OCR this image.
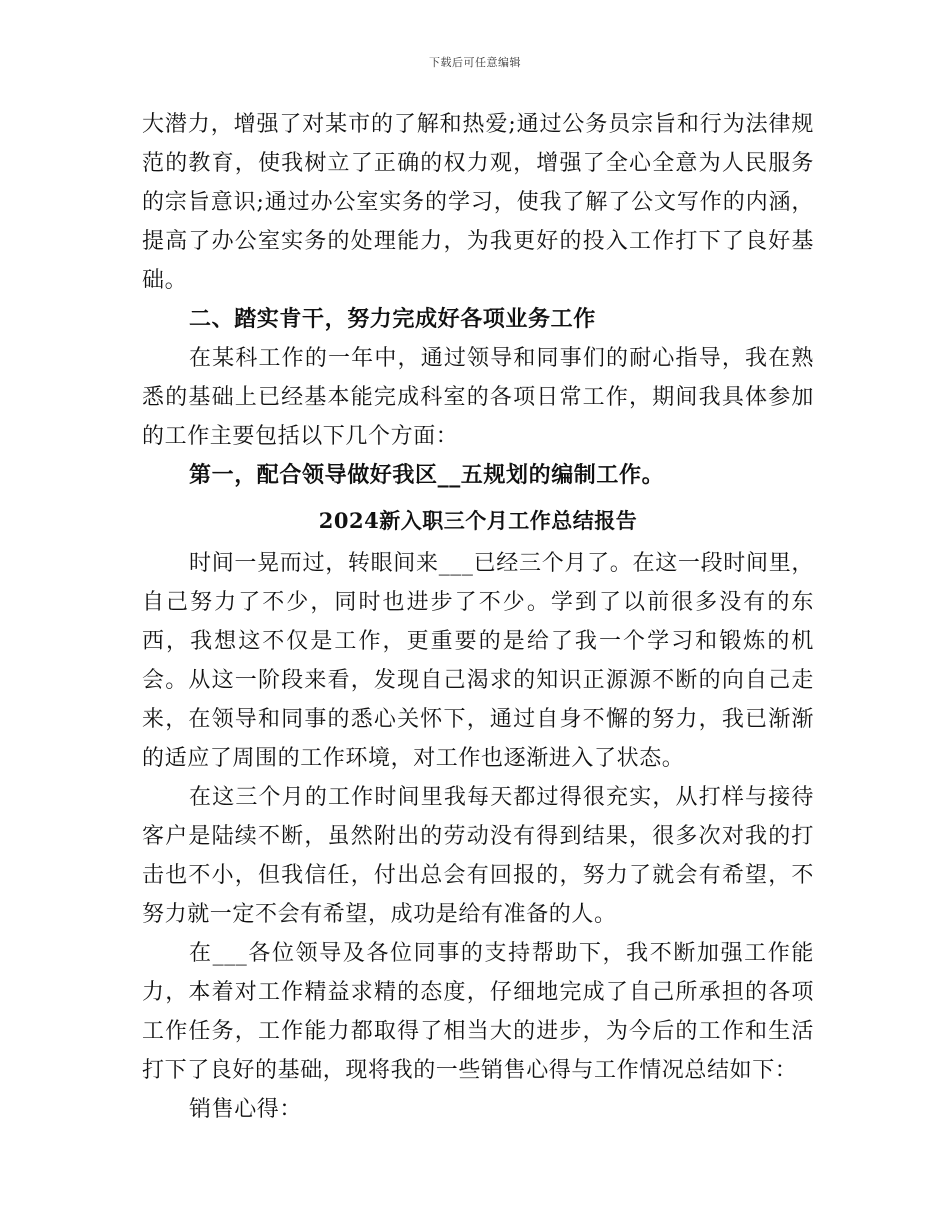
下载后可任意编辑

大潜力，增强了对某市的了解和热爱;通过公务员宗旨和行为法律规范的教育，使我树立了正确的权力观，增强了全心全意为人民服务的宗旨意识;通过办公室实务的学习，使我了解了公文写作的内涵，提高了办公室实务的处理能力，为我更好的投入工作打下了良好基础。

二、踏实肯干，努力完成好各项业务工作

在某科工作的一年中，通过领导和同事们的耐心指导，我在熟悉的基础上已经基本能完成科室的各项日常工作，期间我具体参加的工作主要包括以下几个方面：

第一，配合领导做好我区__五规划的编制工作。

2024新入职三个月工作总结报告

时间一晃而过，转眼间来___已经三个月了。在这一段时间里，自己努力了不少，同时也进步了不少。学到了以前很多没有的东西，我想这不仅是工作，更重要的是给了我一个学习和锻炼的机会。从这一阶段来看，发现自己渴求的知识正源源不断的向自己走来，在领导和同事的悉心关怀下，通过自身不懈的努力，我已渐渐的适应了周围的工作环境，对工作也逐渐进入了状态。

在这三个月的工作时间里我每天都过得很充实，从打样与接待客户是陆续不断，虽然附出的劳动没有得到结果，很多次对我的打击也不小，但我信任，付出总会有回报的，努力了就会有希望，不努力就一定不会有希望，成功是给有准备的人。

在___各位领导及各位同事的支持帮助下，我不断加强工作能力，本着对工作精益求精的态度，仔细地完成了自己所承担的各项工作任务，工作能力都取得了相当大的进步，为今后的工作和生活打下了良好的基础，现将我的一些销售心得与工作情况总结如下：

销售心得：
